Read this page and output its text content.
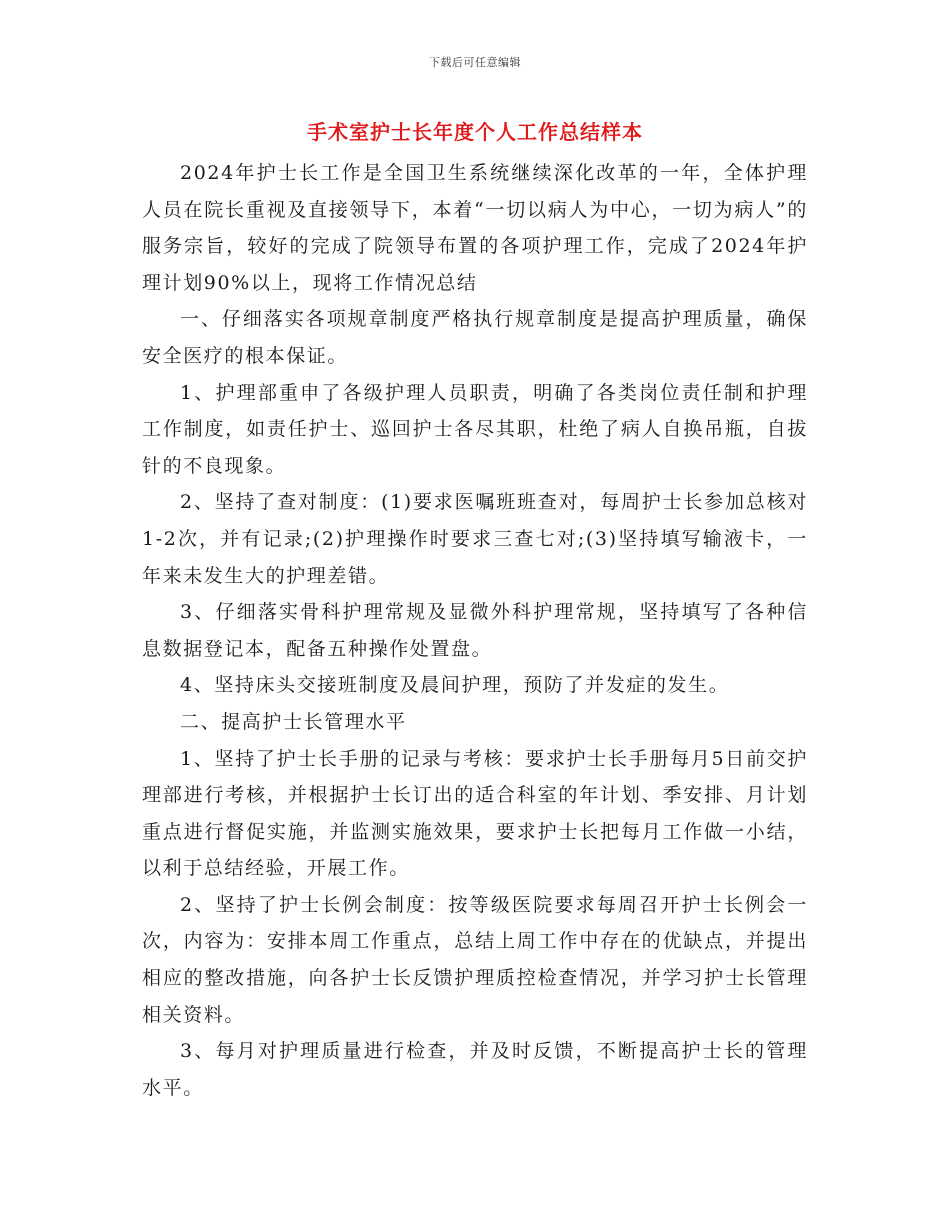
下载后可任意编辑
手术室护士长年度个人工作总结样本

2024年护士长工作是全国卫生系统继续深化改革的一年，全体护理人员在院长重视及直接领导下，本着“一切以病人为中心，一切为病人”的服务宗旨，较好的完成了院领导布置的各项护理工作，完成了2024年护理计划90%以上，现将工作情况总结

一、仔细落实各项规章制度严格执行规章制度是提高护理质量，确保安全医疗的根本保证。

1、护理部重申了各级护理人员职责，明确了各类岗位责任制和护理工作制度，如责任护士、巡回护士各尽其职，杜绝了病人自换吊瓶，自拔针的不良现象。

2、坚持了查对制度：(1)要求医嘱班班查对，每周护士长参加总核对1-2次，并有记录;(2)护理操作时要求三查七对;(3)坚持填写输液卡，一年来未发生大的护理差错。

3、仔细落实骨科护理常规及显微外科护理常规，坚持填写了各种信息数据登记本，配备五种操作处置盘。

4、坚持床头交接班制度及晨间护理，预防了并发症的发生。

二、提高护士长管理水平

1、坚持了护士长手册的记录与考核：要求护士长手册每月5日前交护理部进行考核，并根据护士长订出的适合科室的年计划、季安排、月计划重点进行督促实施，并监测实施效果，要求护士长把每月工作做一小结，以利于总结经验，开展工作。

2、坚持了护士长例会制度：按等级医院要求每周召开护士长例会一次，内容为：安排本周工作重点，总结上周工作中存在的优缺点，并提出相应的整改措施，向各护士长反馈护理质控检查情况，并学习护士长管理相关资料。

3、每月对护理质量进行检查，并及时反馈，不断提高护士长的管理水平。
